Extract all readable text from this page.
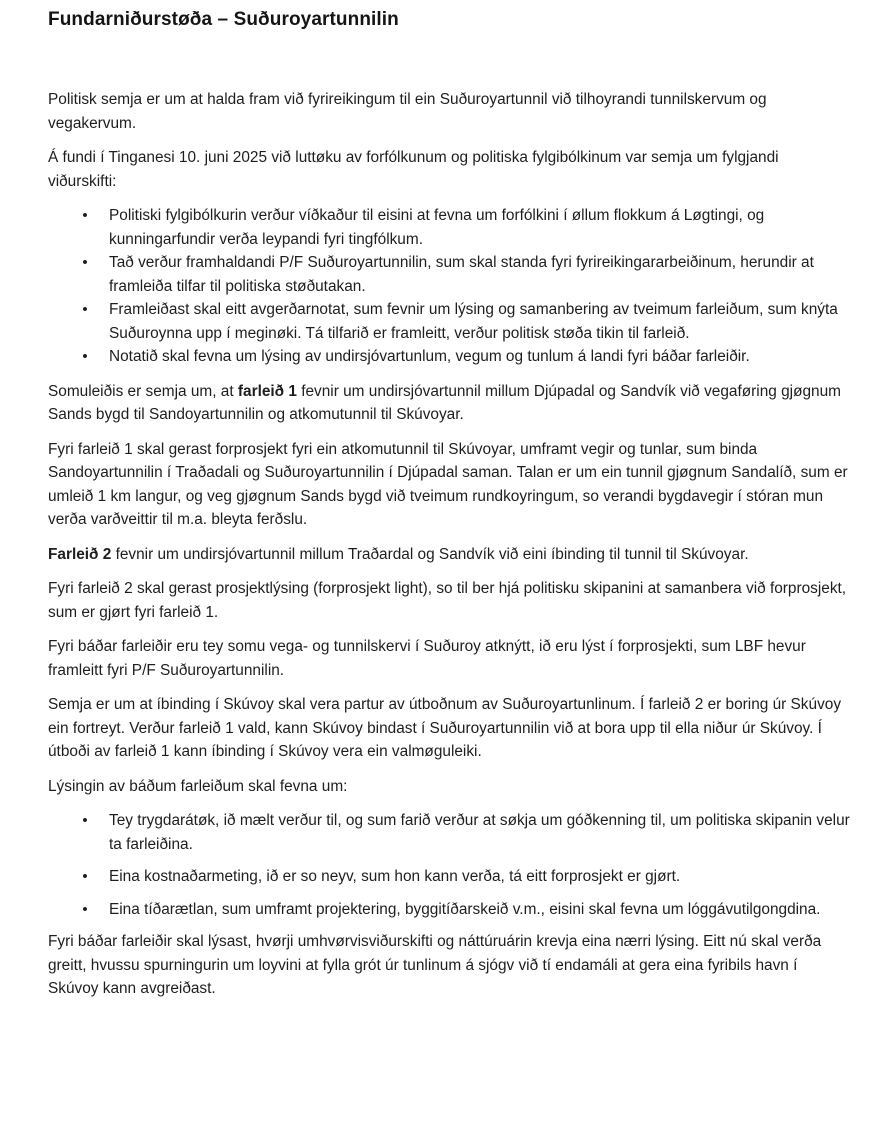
Fundarniðurstøða – Suðuroyartunnilin

Politisk semja er um at halda fram við fyrireikingum til ein Suðuroyartunnil við tilhoyrandi tunnilskervum og vegakervum.

Á fundi í Tinganesi 10. juni 2025 við luttøku av forfólkunum og politiska fylgibólkinum var semja um fylgjandi viðurskifti:

• Politiski fylgibólkurin verður víðkaður til eisini at fevna um forfólkini í øllum flokkum á Løgtingi, og kunningarfundir verða leypandi fyri tingfólkum.
• Tað verður framhaldandi P/F Suðuroyartunnilin, sum skal standa fyri fyrireikingararbeiðinum, herundir at framleiða tilfar til politiska støðutakan.
• Framleiðast skal eitt avgerðarnotat, sum fevnir um lýsing og samanbering av tveimum farleiðum, sum knýta Suðuroynna upp í meginøki. Tá tilfarið er framleitt, verður politisk støða tikin til farleið.
• Notatið skal fevna um lýsing av undirsjóvartunlum, vegum og tunlum á landi fyri báðar farleiðir.

Somuleiðis er semja um, at farleið 1 fevnir um undirsjóvartunnil millum Djúpadal og Sandvík við vegaføring gjøgnum Sands bygd til Sandoyartunnilin og atkomutunnil til Skúvoyar.

Fyri farleið 1 skal gerast forprosjekt fyri ein atkomutunnil til Skúvoyar, umframt vegir og tunlar, sum binda Sandoyartunnilin í Traðadali og Suðuroyartunnilin í Djúpadal saman. Talan er um ein tunnil gjøgnum Sandalíð, sum er umleið 1 km langur, og veg gjøgnum Sands bygd við tveimum rundkoyringum, so verandi bygdavegir í stóran mun verða varðveittir til m.a. bleyta ferðslu.

Farleið 2 fevnir um undirsjóvartunnil millum Traðardal og Sandvík við eini íbinding til tunnil til Skúvoyar.

Fyri farleið 2 skal gerast prosjektlýsing (forprosjekt light), so til ber hjá politisku skipanini at samanbera við forprosjekt, sum er gjørt fyri farleið 1.

Fyri báðar farleiðir eru tey somu vega- og tunnilskervi í Suðuroy atknýtt, ið eru lýst í forprosjekti, sum LBF hevur framleitt fyri P/F Suðuroyartunnilin.

Semja er um at íbinding í Skúvoy skal vera partur av útboðnum av Suðuroyartunlinum. Í farleið 2 er boring úr Skúvoy ein fortreyt. Verður farleið 1 vald, kann Skúvoy bindast í Suðuroyartunnilin við at bora upp til ella niður úr Skúvoy. Í útboði av farleið 1 kann íbinding í Skúvoy vera ein valmøguleiki.

Lýsingin av báðum farleiðum skal fevna um:

• Tey trygdarátøk, ið mælt verður til, og sum farið verður at søkja um góðkenning til, um politiska skipanin velur ta farleiðina.
• Eina kostnaðarmeting, ið er so neyv, sum hon kann verða, tá eitt forprosjekt er gjørt.
• Eina tíðarætlan, sum umframt projektering, byggitíðarskeið v.m., eisini skal fevna um lóggávutilgongdina.

Fyri báðar farleiðir skal lýsast, hvørji umhvørvisviðurskifti og náttúruárin krevja eina nærri lýsing. Eitt nú skal verða greitt, hvussu spurningurin um loyvini at fylla grót úr tunlinum á sjógv við tí endamáli at gera eina fyribils havn í Skúvoy kann avgreiðast.
